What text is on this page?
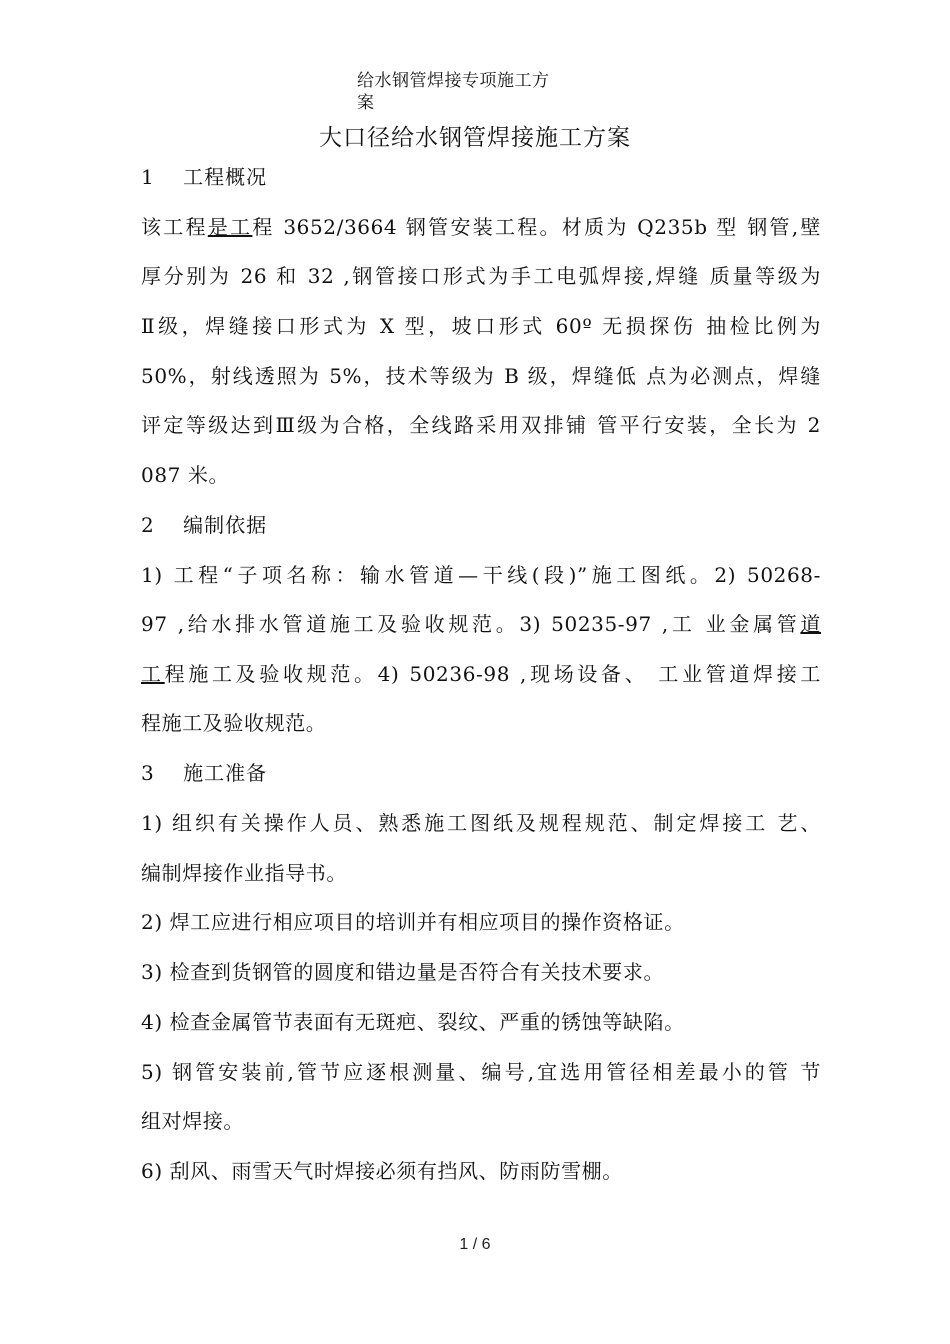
给水钢管焊接专项施工方
案
大口径给水钢管焊接施工方案
1　 工程概况
该工程是工程 3652/3664 钢管安装工程。材质为 Q235b 型 钢管,壁
厚分别为 26 和 32 ,钢管接口形式为手工电弧焊接,焊缝 质量等级为
Ⅱ级，焊缝接口形式为 X 型，坡口形式 60º 无损探伤 抽检比例为
50%，射线透照为 5%，技术等级为 B 级，焊缝低 点为必测点，焊缝
评定等级达到Ⅲ级为合格，全线路采用双排铺 管平行安装，全长为 2
087 米。
2　 编制依据
1) 工程“子项名称：输水管道—干线(段)”施工图纸。2) 50268-
97 ,给水排水管道施工及验收规范。3) 50235-97 ,工 业金属管道
工程施工及验收规范。4) 50236-98 ,现场设备、 工业管道焊接工
程施工及验收规范。
3　 施工准备
1) 组织有关操作人员、熟悉施工图纸及规程规范、制定焊接工 艺、
编制焊接作业指导书。
2) 焊工应进行相应项目的培训并有相应项目的操作资格证。
3) 检查到货钢管的圆度和错边量是否符合有关技术要求。
4) 检查金属管节表面有无斑疤、裂纹、严重的锈蚀等缺陷。
5) 钢管安装前,管节应逐根测量、编号,宜选用管径相差最小的管 节
组对焊接。
6) 刮风、雨雪天气时焊接必须有挡风、防雨防雪棚。
1 / 6
